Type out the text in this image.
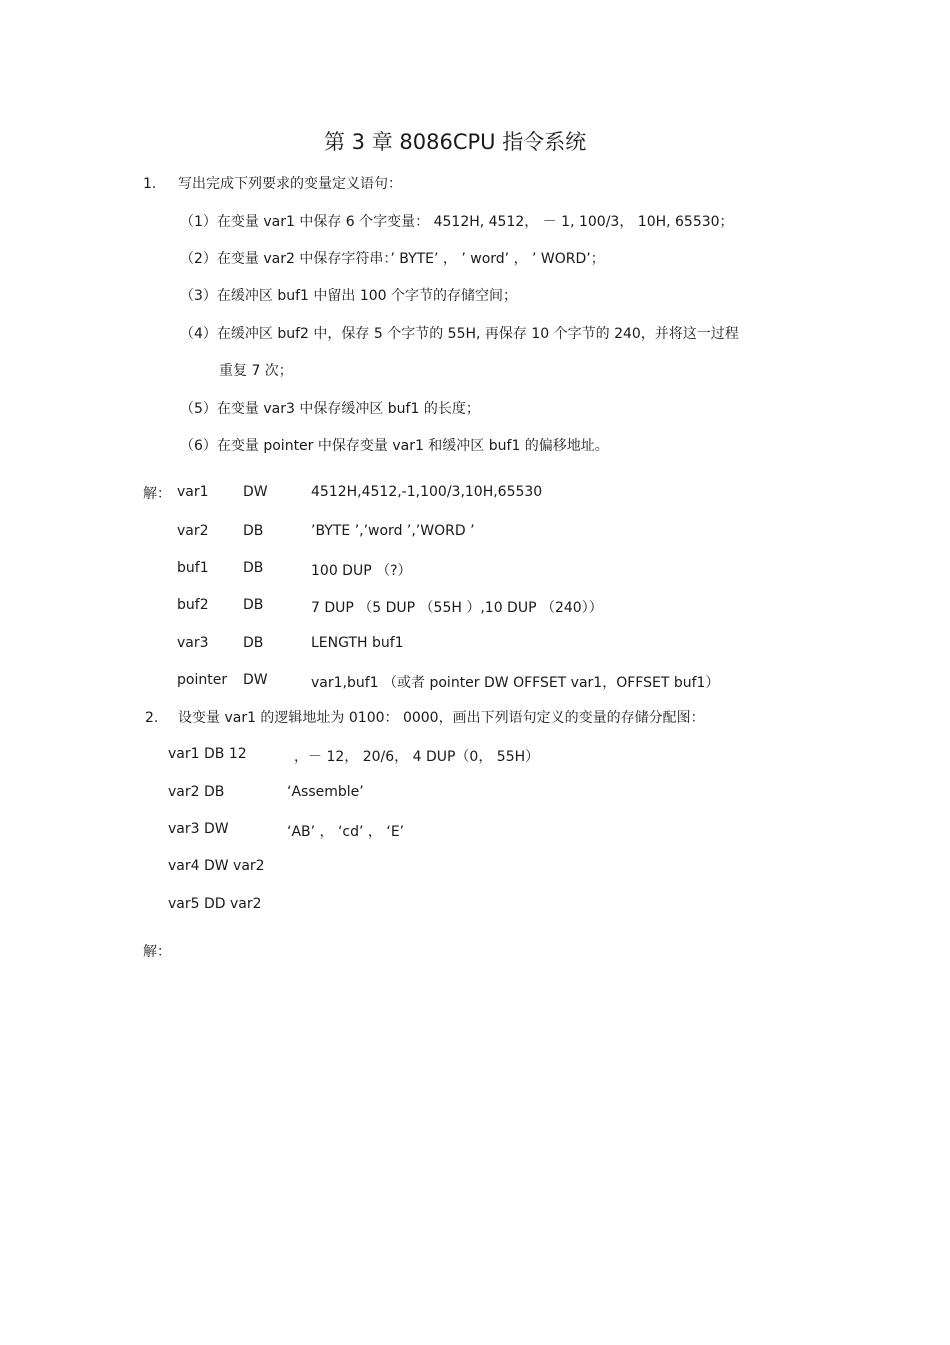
第 3 章 8086CPU 指令系统
1. 写出完成下列要求的变量定义语句：
（1）在变量 var1 中保存 6 个字变量： 4512H, 4512， － 1, 100/3， 10H, 65530；
（2）在变量 var2 中保存字符串：’ BYTE’ ， ’ word’ ， ’ WORD’；
（3）在缓冲区 buf1 中留出 100 个字节的存储空间；
（4）在缓冲区 buf2 中，保存 5 个字节的 55H, 再保存 10 个字节的 240，并将这一过程
重复 7 次；
（5）在变量 var3 中保存缓冲区 buf1 的长度；
（6）在变量 pointer 中保存变量 var1 和缓冲区 buf1 的偏移地址。
解： var1 DW	4512H,4512,-1,100/3,10H,65530
var2 DB	’BYTE ’,’word ’,’WORD ’
buf1 DB	100 DUP （?）
buf2 DB	7 DUP （5 DUP （55H ）,10 DUP （240））
var3 DB	LENGTH buf1
pointer DW	var1,buf1 （或者 pointer DW OFFSET var1，OFFSET buf1）
2. 设变量 var1 的逻辑地址为 0100： 0000，画出下列语句定义的变量的存储分配图：
var1 DB 12	，－ 12， 20/6， 4 DUP（0， 55H）
var2 DB	‘Assemble’
var3 DW	‘AB’ ， ‘cd’ ， ‘E’
var4 DW var2
var5 DD var2
解：
